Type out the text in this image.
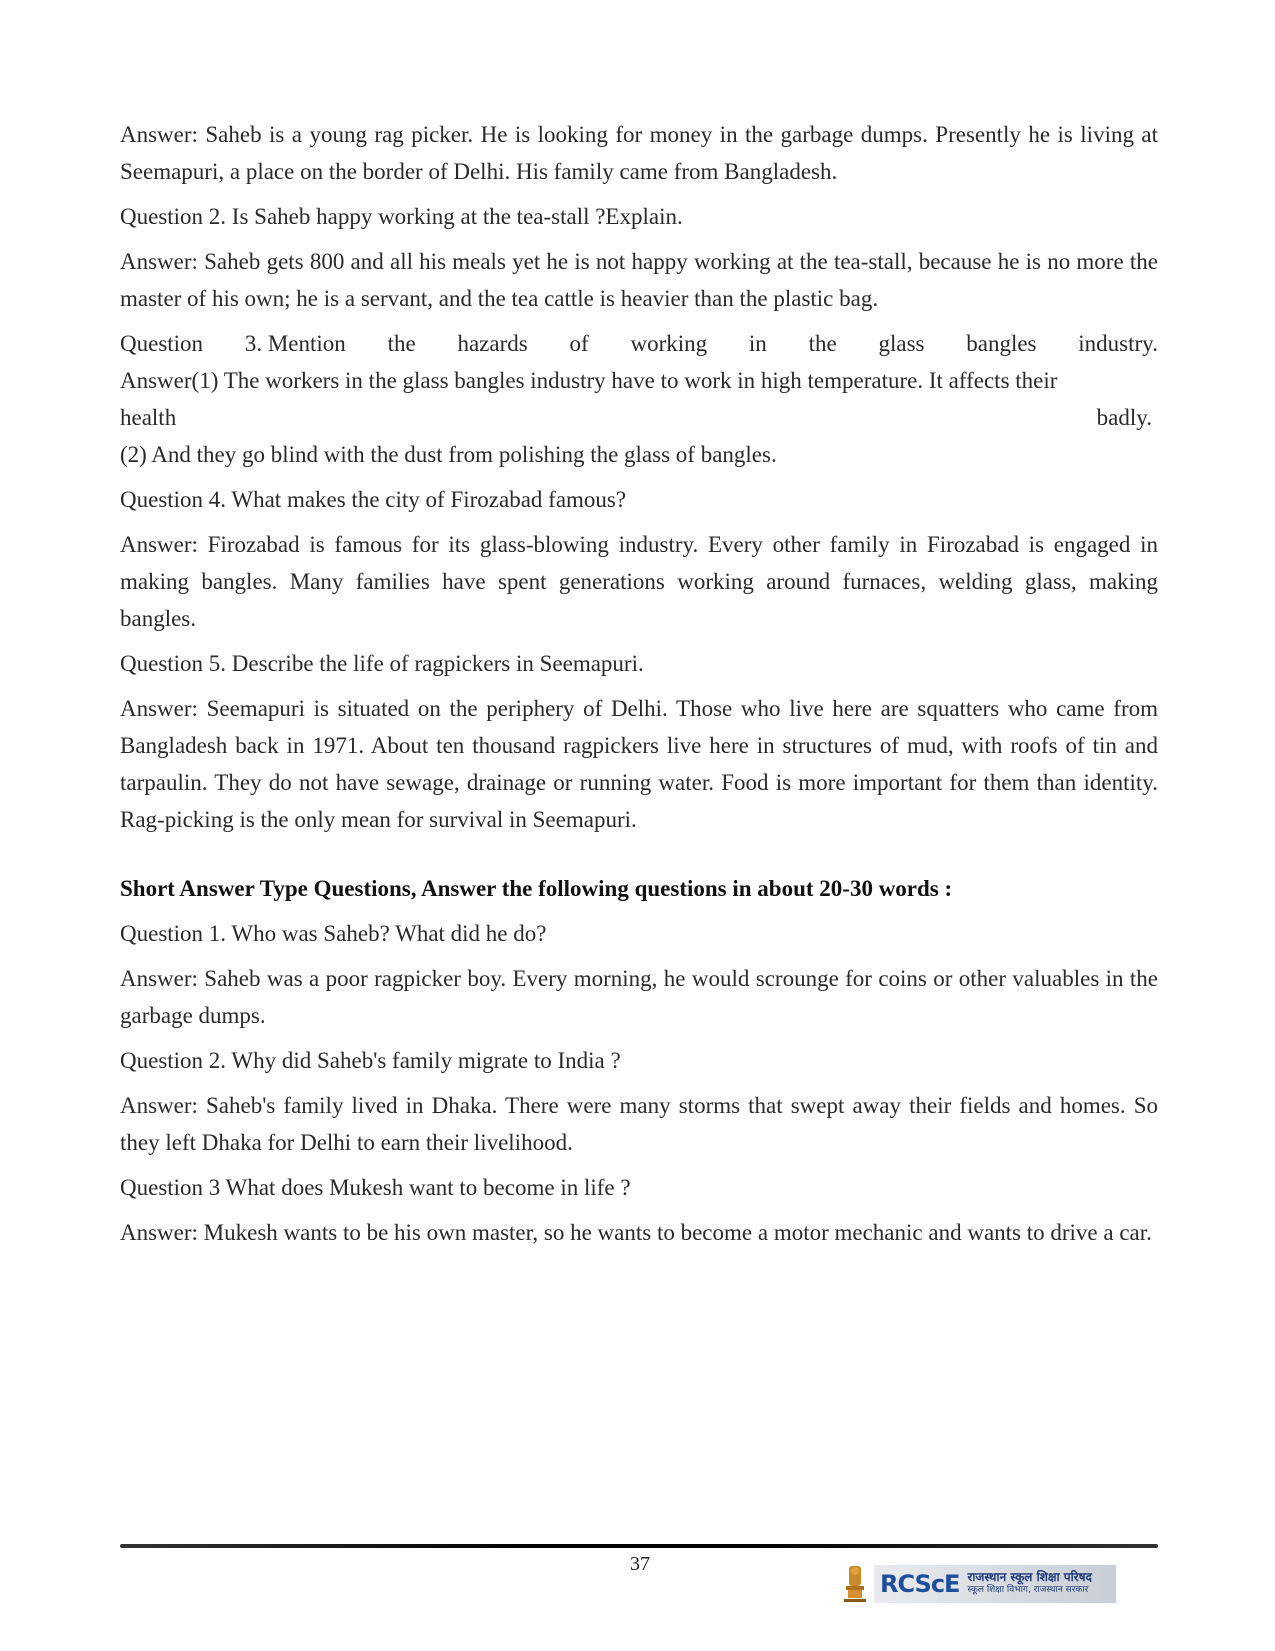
Answer: Saheb is a young rag picker. He is looking for money in the garbage dumps. Presently he is living at Seemapuri, a place on the border of Delhi. His family came from Bangladesh.

Question 2. Is Saheb happy working at the tea-stall ?Explain.

Answer: Saheb gets 800 and all his meals yet he is not happy working at the tea-stall, because he is no more the master of his own; he is a servant, and the tea cattle is heavier than the plastic bag.

Question 3. Mention the hazards of working in the glass bangles industry.
Answer(1) The workers in the glass bangles industry have to work in high temperature. It affects their
health	badly.
(2) And they go blind with the dust from polishing the glass of bangles.

Question 4. What makes the city of Firozabad famous?

Answer: Firozabad is famous for its glass-blowing industry. Every other family in Firozabad is engaged in making bangles. Many families have spent generations working around furnaces, welding glass, making bangles.

Question 5. Describe the life of ragpickers in Seemapuri.

Answer: Seemapuri is situated on the periphery of Delhi. Those who live here are squatters who came from Bangladesh back in 1971. About ten thousand ragpickers live here in structures of mud, with roofs of tin and tarpaulin. They do not have sewage, drainage or running water. Food is more important for them than identity. Rag-picking is the only mean for survival in Seemapuri.

Short Answer Type Questions, Answer the following questions in about 20-30 words :

Question 1. Who was Saheb? What did he do?

Answer: Saheb was a poor ragpicker boy. Every morning, he would scrounge for coins or other valuables in the garbage dumps.

Question 2. Why did Saheb's family migrate to India ?

Answer: Saheb's family lived in Dhaka. There were many storms that swept away their fields and homes. So they left Dhaka for Delhi to earn their livelihood.

Question 3 What does Mukesh want to become in life ?

Answer: Mukesh wants to be his own master, so he wants to become a motor mechanic and wants to drive a car.

37
RCScE राजस्थान स्कूल शिक्षा परिषद
स्कूल शिक्षा विभाग, राजस्थान सरकार
